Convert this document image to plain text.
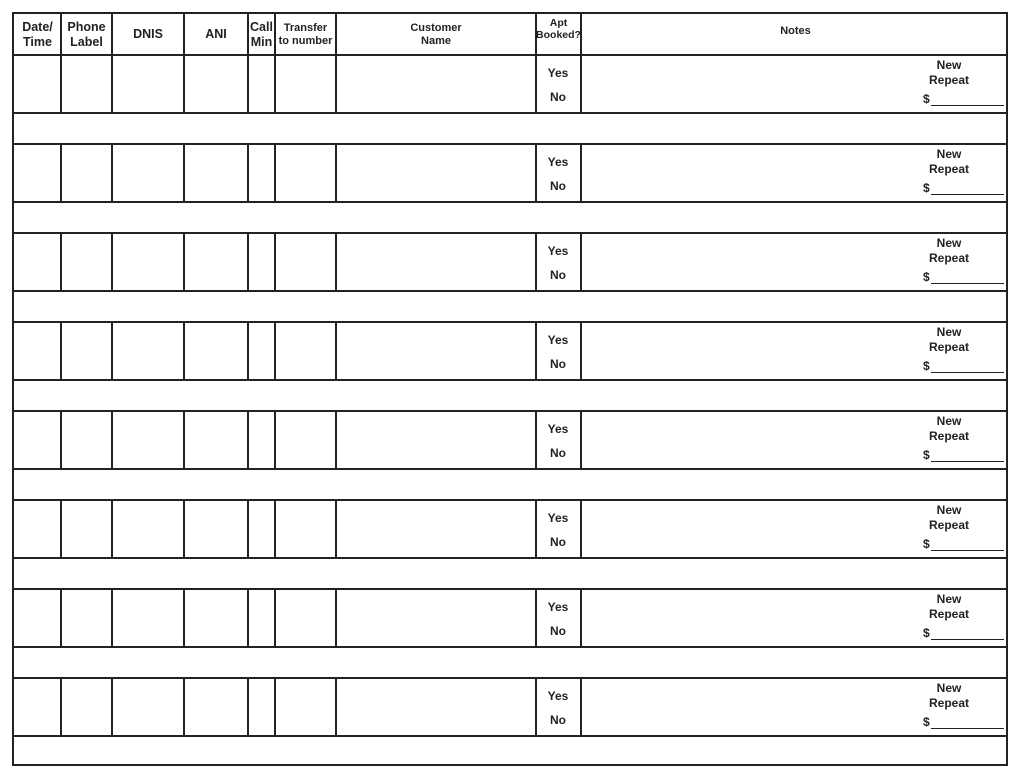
Date/
Time
Phone
Label
DNIS	ANI
Call
Min
Transfer
to number
Customer
Name
Apt
Booked?	Notes
Yes
No
New
Repeat
$
Yes
No
New
Repeat
$
Yes
No
New
Repeat
$
Yes
No
New
Repeat
$
Yes
No
New
Repeat
$
Yes
No
New
Repeat
$
Yes
No
New
Repeat
$
Yes
No
New
Repeat
$
